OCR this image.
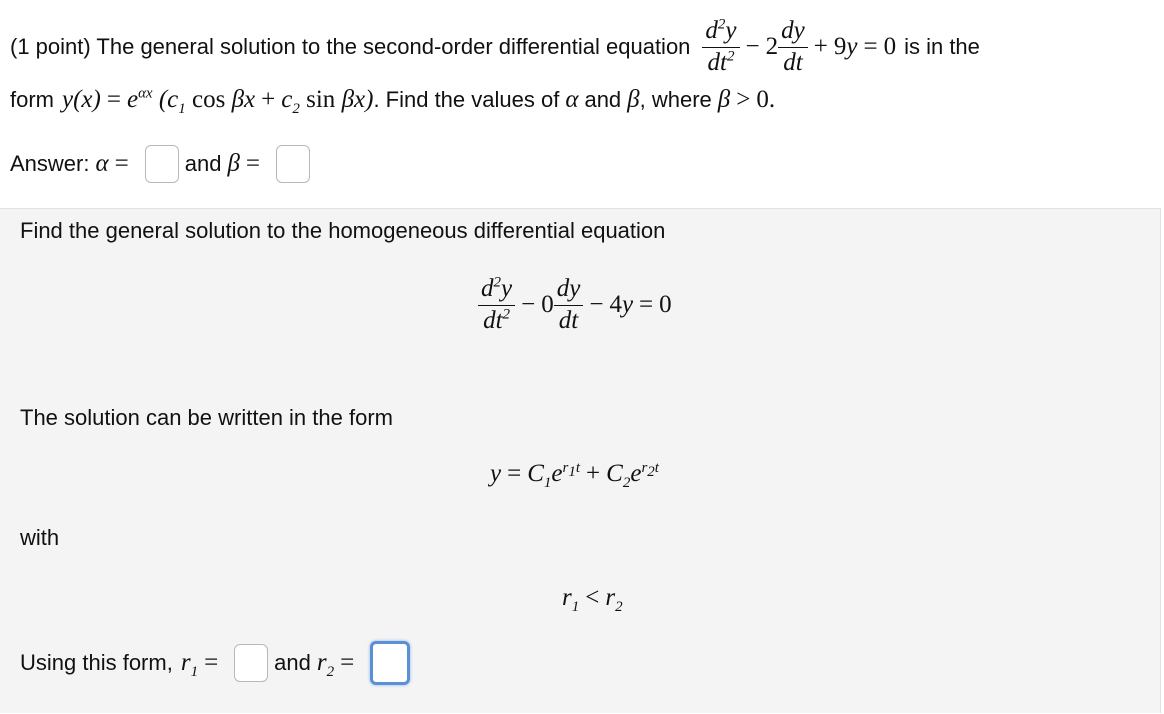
(1 point) The general solution to the second-order differential equation $\frac{d^2y}{dt^2} - 2 \frac{dy}{dt} + 9$ y = 0 is in the
form $y(x) = e^{\alpha x}$ ($c_1$ $\cos \beta x + c_2$ sin βx) . Find the values of α and β , where β > 0.
Answer: α =	and β =
Find the general solution to the homogeneous differential equation
$\frac{d^2y}{dt^2} - 0 \frac{dy}{dt} - 4$ y = 0
The solution can be written in the form
$y = C_1e^{r_1t} + C_2e^{r_2t}$
with
$r_1 < r_2$
Using this form, $r_1$ =	and $r_2$ =
